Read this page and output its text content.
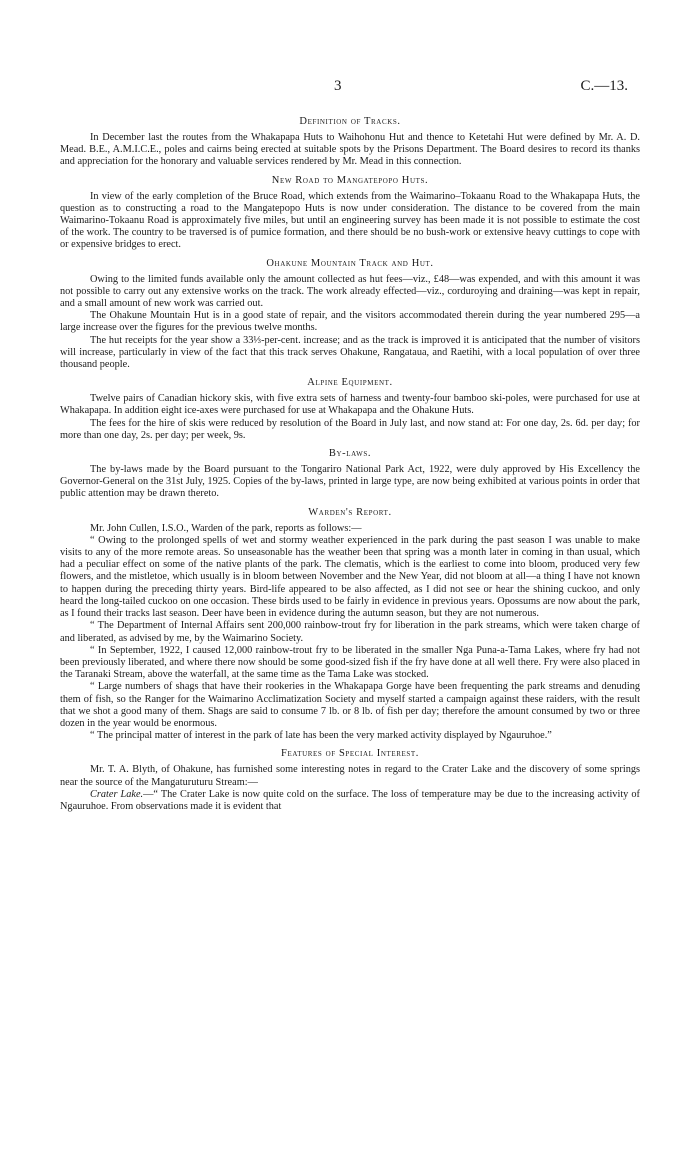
3	C.—13.
Definition of Tracks.

In December last the routes from the Whakapapa Huts to Waihohonu Hut and thence to Ketetahi Hut were defined by Mr. A. D. Mead. B.E., A.M.I.C.E., poles and cairns being erected at suitable spots by the Prisons Department. The Board desires to record its thanks and appreciation for the honorary and valuable services rendered by Mr. Mead in this connection.

New Road to Mangatepopo Huts.

In view of the early completion of the Bruce Road, which extends from the Waimarino–Tokaanu Road to the Whakapapa Huts, the question as to constructing a road to the Mangatepopo Huts is now under consideration. The distance to be covered from the main Waimarino-Tokaanu Road is approximately five miles, but until an engineering survey has been made it is not possible to estimate the cost of the work. The country to be traversed is of pumice formation, and there should be no bush-work or extensive heavy cuttings to cope with or expensive bridges to erect.

Ohakune Mountain Track and Hut.

Owing to the limited funds available only the amount collected as hut fees—viz., £48—was expended, and with this amount it was not possible to carry out any extensive works on the track. The work already effected—viz., corduroying and draining—was kept in repair, and a small amount of new work was carried out.

The Ohakune Mountain Hut is in a good state of repair, and the visitors accommodated therein during the year numbered 295—a large increase over the figures for the previous twelve months.

The hut receipts for the year show a 33⅓-per-cent. increase; and as the track is improved it is anticipated that the number of visitors will increase, particularly in view of the fact that this track serves Ohakune, Rangataua, and Raetihi, with a local population of over three thousand people.

Alpine Equipment.

Twelve pairs of Canadian hickory skis, with five extra sets of harness and twenty-four bamboo ski-poles, were purchased for use at Whakapapa. In addition eight ice-axes were purchased for use at Whakapapa and the Ohakune Huts.

The fees for the hire of skis were reduced by resolution of the Board in July last, and now stand at: For one day, 2s. 6d. per day; for more than one day, 2s. per day; per week, 9s.

By-laws.

The by-laws made by the Board pursuant to the Tongariro National Park Act, 1922, were duly approved by His Excellency the Governor-General on the 31st July, 1925. Copies of the by-laws, printed in large type, are now being exhibited at various points in order that public attention may be drawn thereto.

Warden's Report.

Mr. John Cullen, I.S.O., Warden of the park, reports as follows:—

“ Owing to the prolonged spells of wet and stormy weather experienced in the park during the past season I was unable to make visits to any of the more remote areas. So unseasonable has the weather been that spring was a month later in coming in than usual, which had a peculiar effect on some of the native plants of the park. The clematis, which is the earliest to come into bloom, produced very few flowers, and the mistletoe, which usually is in bloom between November and the New Year, did not bloom at all—a thing I have not known to happen during the preceding thirty years. Bird-life appeared to be also affected, as I did not see or hear the shining cuckoo, and only heard the long-tailed cuckoo on one occasion. These birds used to be fairly in evidence in previous years. Opossums are now about the park, as I found their tracks last season. Deer have been in evidence during the autumn season, but they are not numerous.

“ The Department of Internal Affairs sent 200,000 rainbow-trout fry for liberation in the park streams, which were taken charge of and liberated, as advised by me, by the Waimarino Society.

“ In September, 1922, I caused 12,000 rainbow-trout fry to be liberated in the smaller Nga Puna-a-Tama Lakes, where fry had not been previously liberated, and where there now should be some good-sized fish if the fry have done at all well there. Fry were also placed in the Taranaki Stream, above the waterfall, at the same time as the Tama Lake was stocked.

“ Large numbers of shags that have their rookeries in the Whakapapa Gorge have been frequenting the park streams and denuding them of fish, so the Ranger for the Waimarino Acclimatization Society and myself started a campaign against these raiders, with the result that we shot a good many of them. Shags are said to consume 7 lb. or 8 lb. of fish per day; therefore the amount consumed by two or three dozen in the year would be enormous.

“ The principal matter of interest in the park of late has been the very marked activity displayed by Ngauruhoe.”

Features of Special Interest.

Mr. T. A. Blyth, of Ohakune, has furnished some interesting notes in regard to the Crater Lake and the discovery of some springs near the source of the Mangaturuturu Stream:—

Crater Lake.—“ The Crater Lake is now quite cold on the surface. The loss of temperature may be due to the increasing activity of Ngauruhoe. From observations made it is evident that
